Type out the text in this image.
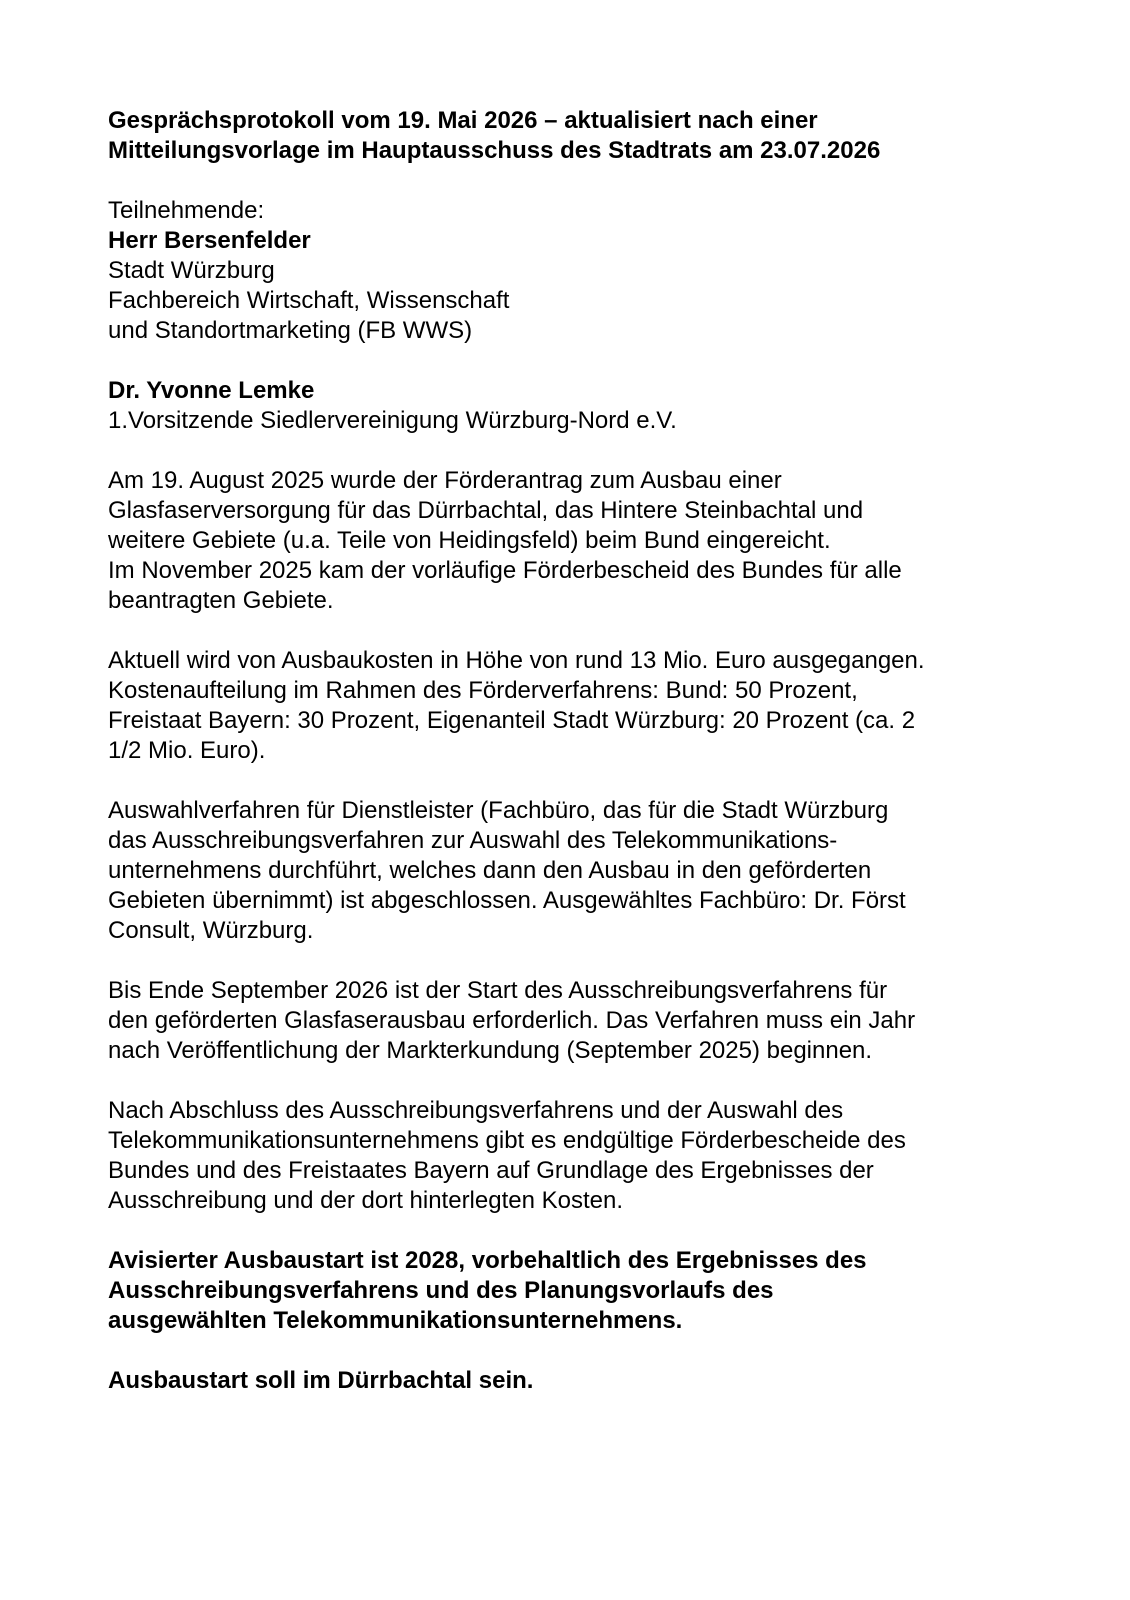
Gesprächsprotokoll vom 19. Mai 2026 – aktualisiert nach einer
Mitteilungsvorlage im Hauptausschuss des Stadtrats am 23.07.2026
Teilnehmende:
Herr Bersenfelder
Stadt Würzburg
Fachbereich Wirtschaft, Wissenschaft
und Standortmarketing (FB WWS)
Dr. Yvonne Lemke
1.Vorsitzende Siedlervereinigung Würzburg-Nord e.V.
Am 19. August 2025 wurde der Förderantrag zum Ausbau einer
Glasfaserversorgung für das Dürrbachtal, das Hintere Steinbachtal und
weitere Gebiete (u.a. Teile von Heidingsfeld) beim Bund eingereicht.
Im November 2025 kam der vorläufige Förderbescheid des Bundes für alle
beantragten Gebiete.
Aktuell wird von Ausbaukosten in Höhe von rund 13 Mio. Euro ausgegangen.
Kostenaufteilung im Rahmen des Förderverfahrens: Bund: 50 Prozent,
Freistaat Bayern: 30 Prozent, Eigenanteil Stadt Würzburg: 20 Prozent (ca. 2
1/2 Mio. Euro).
Auswahlverfahren für Dienstleister (Fachbüro, das für die Stadt Würzburg
das Ausschreibungsverfahren zur Auswahl des Telekommunikations-
unternehmens durchführt, welches dann den Ausbau in den geförderten
Gebieten übernimmt) ist abgeschlossen. Ausgewähltes Fachbüro: Dr. Först
Consult, Würzburg.
Bis Ende September 2026 ist der Start des Ausschreibungsverfahrens für
den geförderten Glasfaserausbau erforderlich. Das Verfahren muss ein Jahr
nach Veröffentlichung der Markterkundung (September 2025) beginnen.
Nach Abschluss des Ausschreibungsverfahrens und der Auswahl des
Telekommunikationsunternehmens gibt es endgültige Förderbescheide des
Bundes und des Freistaates Bayern auf Grundlage des Ergebnisses der
Ausschreibung und der dort hinterlegten Kosten.
Avisierter Ausbaustart ist 2028, vorbehaltlich des Ergebnisses des
Ausschreibungsverfahrens und des Planungsvorlaufs des
ausgewählten Telekommunikationsunternehmens.
Ausbaustart soll im Dürrbachtal sein.
